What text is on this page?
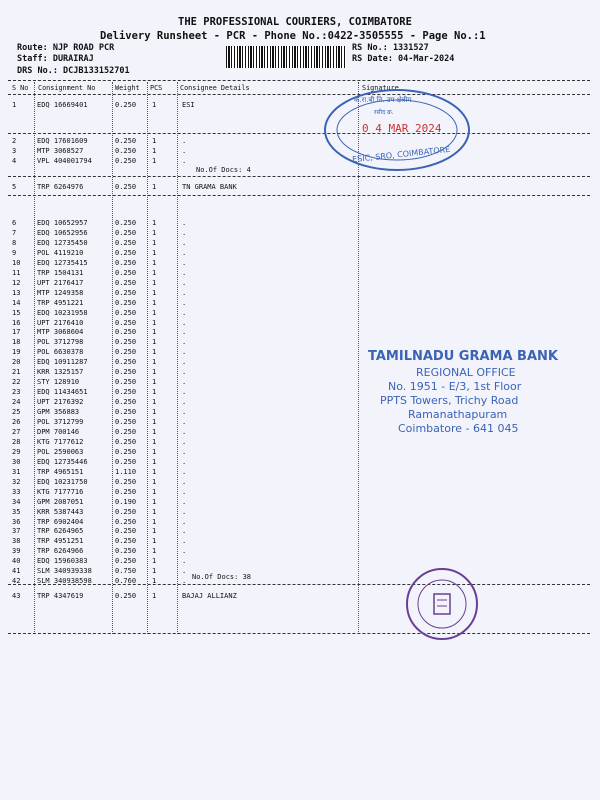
THE PROFESSIONAL COURIERS, COIMBATORE
Delivery Runsheet - PCR - Phone No.:0422-3505555 - Page No.:1
Route: NJP ROAD PCR
Staff: DURAIRAJ
DRS No.: DCJB133152701
RS No.: 1331527
RS Date: 04-Mar-2024
S No Consignment No	Weight PCS	Consignee Details	Signature
1	EDQ 16669401	0.250 1	ESI
2	EDQ 17601609	0.250 1	.
3	MTP 3068527	0.250 1	.
4	VPL 404001794	0.250 1	.
No.Of Docs: 4
5	TRP 6264976	0.250 1	TN GRAMA BANK
6	EDQ 10652957	0.250 1	.
7	EDQ 10652956	0.250 1	.
8	EDQ 12735450	0.250 1	.
9	POL 4119210	0.250 1	.
10 EDQ 12735415	0.250 1	.
11 TRP 1504131	0.250 1	.
12 UPT 2176417	0.250 1	.
13 MTP 1249358	0.250 1	.
14 TRP 4951221	0.250 1	.
15 EDQ 10231958	0.250 1	.
16 UPT 2176410	0.250 1	.
17 MTP 3068604	0.250 1	.
18 POL 3712798	0.250 1	.
19 POL 6630378	0.250 1	.
20 EDQ 10911287	0.250 1	.
21 KRR 1325157	0.250 1	.
22 STY 128910	0.250 1	.
23 EDQ 11434651	0.250 1	.
24 UPT 2176392	0.250 1	.
25 GPM 356883	0.250 1	.
26 POL 3712799	0.250 1	.
27 DPM 700146	0.250 1	.
28 KTG 7177612	0.250 1	.
29 POL 2590063	0.250 1	.
30 EDQ 12735446	0.250 1	.
31 TRP 4965151	1.110 1	.
32 EDQ 10231750	0.250 1	.
33 KTG 7177716	0.250 1	.
34 GPM 2087051	0.190 1	.
35 KRR 5387443	0.250 1	.
36 TRP 6902404	0.250 1	.
37 TRP 6264965	0.250 1	.
38 TRP 4951251	0.250 1	.
39 TRP 6264966	0.250 1	.
40 EDQ 15960383	0.250 1	.
41 SLM 340939338	0.750 1	.
42 SLM 340938598	0.760 1	.
No.Of Docs: 38
43 TRP 4347619	0.250 1	BAJAJ ALLIANZ
क.रा.बी.नि. उप क्षेत्रीय
रसीद क्र.
0 4 MAR 2024
ESIC, SRO, COIMBATORE
TAMILNADU GRAMA BANK
REGIONAL OFFICE
No. 1951 - E/3, 1st Floor
PPTS Towers, Trichy Road
Ramanathapuram
Coimbatore - 641 045
